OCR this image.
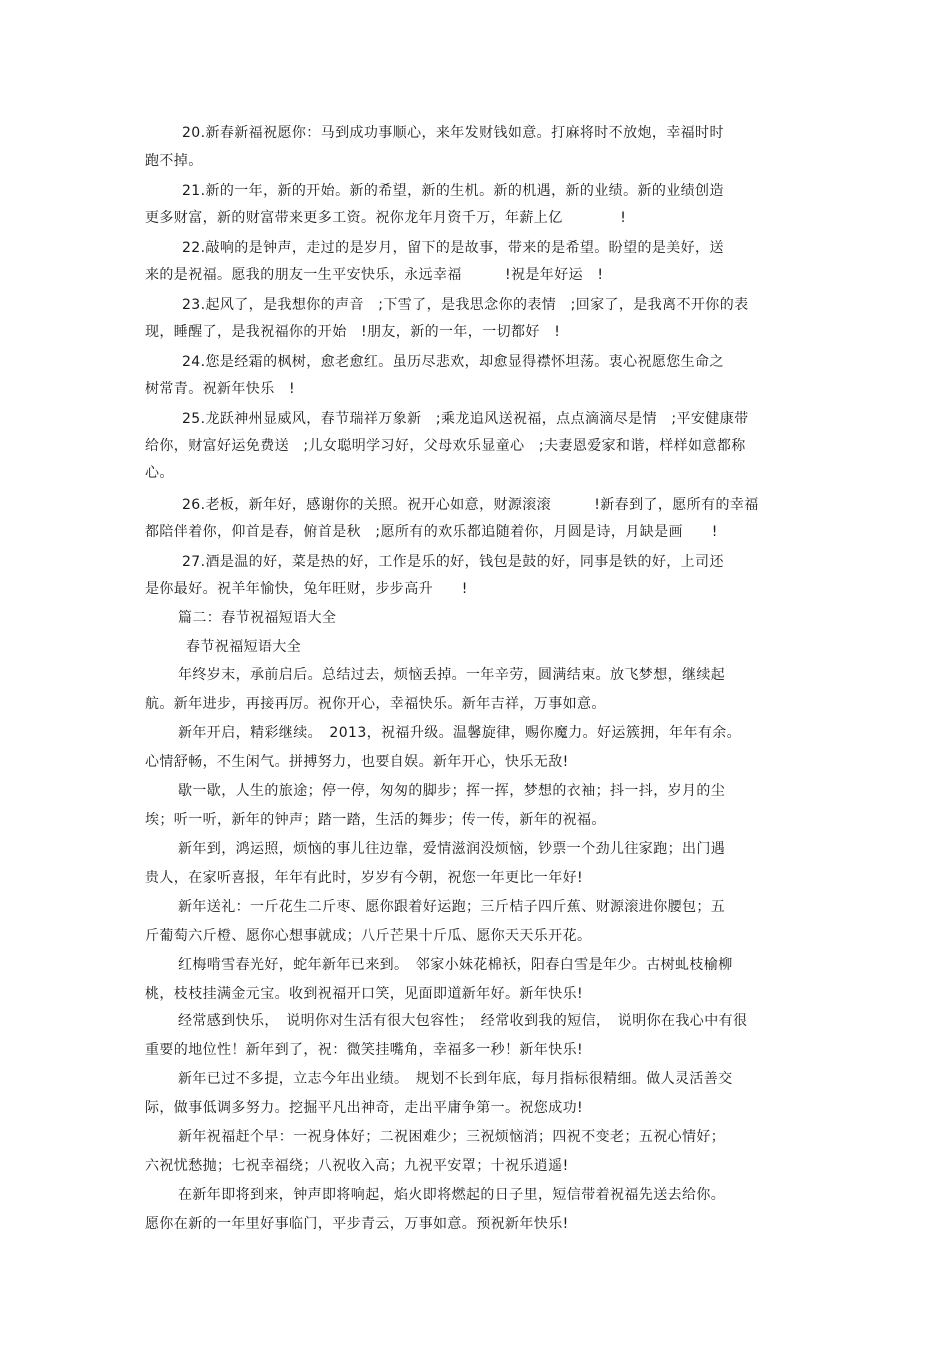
20.新春新福祝愿你：马到成功事顺心，来年发财钱如意。打麻将时不放炮，幸福时时
跑不掉。
21.新的一年，新的开始。新的希望，新的生机。新的机遇，新的业绩。新的业绩创造
更多财富，新的财富带来更多工资。祝你龙年月资千万，年薪上亿　　　　!
22.敲响的是钟声，走过的是岁月，留下的是故事，带来的是希望。盼望的是美好，送
来的是祝福。愿我的朋友一生平安快乐，永远幸福　　　!祝是年好运　!
23.起风了，是我想你的声音　;下雪了，是我思念你的表情　;回家了，是我离不开你的表
现，睡醒了，是我祝福你的开始　!朋友，新的一年，一切都好　!
24.您是经霜的枫树，愈老愈红。虽历尽悲欢，却愈显得襟怀坦荡。衷心祝愿您生命之
树常青。祝新年快乐　!
25.龙跃神州显威风，春节瑞祥万象新　;乘龙追风送祝福，点点滴滴尽是情　;平安健康带
给你，财富好运免费送　;儿女聪明学习好，父母欢乐显童心　;夫妻恩爱家和谐，样样如意都称
心。
26.老板，新年好，感谢你的关照。祝开心如意，财源滚滚　　　!新春到了，愿所有的幸福
都陪伴着你，仰首是春，俯首是秋　;愿所有的欢乐都追随着你，月圆是诗，月缺是画　　!
27.酒是温的好，菜是热的好，工作是乐的好，钱包是鼓的好，同事是铁的好，上司还
是你最好。祝羊年愉快，兔年旺财，步步高升　　!
篇二：春节祝福短语大全
春节祝福短语大全
年终岁末，承前启后。总结过去，烦恼丢掉。一年辛劳，圆满结束。放飞梦想，继续起
航。新年进步，再接再厉。祝你开心，幸福快乐。新年吉祥，万事如意。
新年开启，精彩继续。　2013，祝福升级。温馨旋律，赐你魔力。好运簇拥，年年有余。
心情舒畅，不生闲气。拼搏努力，也要自娱。新年开心，快乐无敌!
歇一歇，人生的旅途；停一停，匆匆的脚步；挥一挥，梦想的衣袖；抖一抖，岁月的尘
埃；听一听，新年的钟声；踏一踏，生活的舞步；传一传，新年的祝福。
新年到，鸿运照，烦恼的事儿往边靠，爱情滋润没烦恼，钞票一个劲儿往家跑；出门遇
贵人，在家听喜报，年年有此时，岁岁有今朝，祝您一年更比一年好!
新年送礼：一斤花生二斤枣、愿你跟着好运跑；三斤桔子四斤蕉、财源滚进你腰包；五
斤葡萄六斤橙、愿你心想事就成；八斤芒果十斤瓜、愿你天天乐开花。
红梅啃雪春光好，蛇年新年已来到。　邻家小妹花棉袄，阳春白雪是年少。古树虬枝榆柳
桃，枝枝挂满金元宝。收到祝福开口笑，见面即道新年好。新年快乐!
经常感到快乐，　说明你对生活有很大包容性；　经常收到我的短信，　说明你在我心中有很
重要的地位性！新年到了，祝：微笑挂嘴角，幸福多一秒！新年快乐!
新年已过不多提，立志今年出业绩。　规划不长到年底，每月指标很精细。做人灵活善交
际，做事低调多努力。挖掘平凡出神奇，走出平庸争第一。祝您成功!
新年祝福赶个早：一祝身体好；二祝困难少；三祝烦恼消；四祝不变老；五祝心情好；
六祝忧愁抛；七祝幸福绕；八祝收入高；九祝平安罩；十祝乐逍遥!
在新年即将到来，钟声即将响起，焰火即将燃起的日子里，短信带着祝福先送去给你。
愿你在新的一年里好事临门，平步青云，万事如意。预祝新年快乐!
